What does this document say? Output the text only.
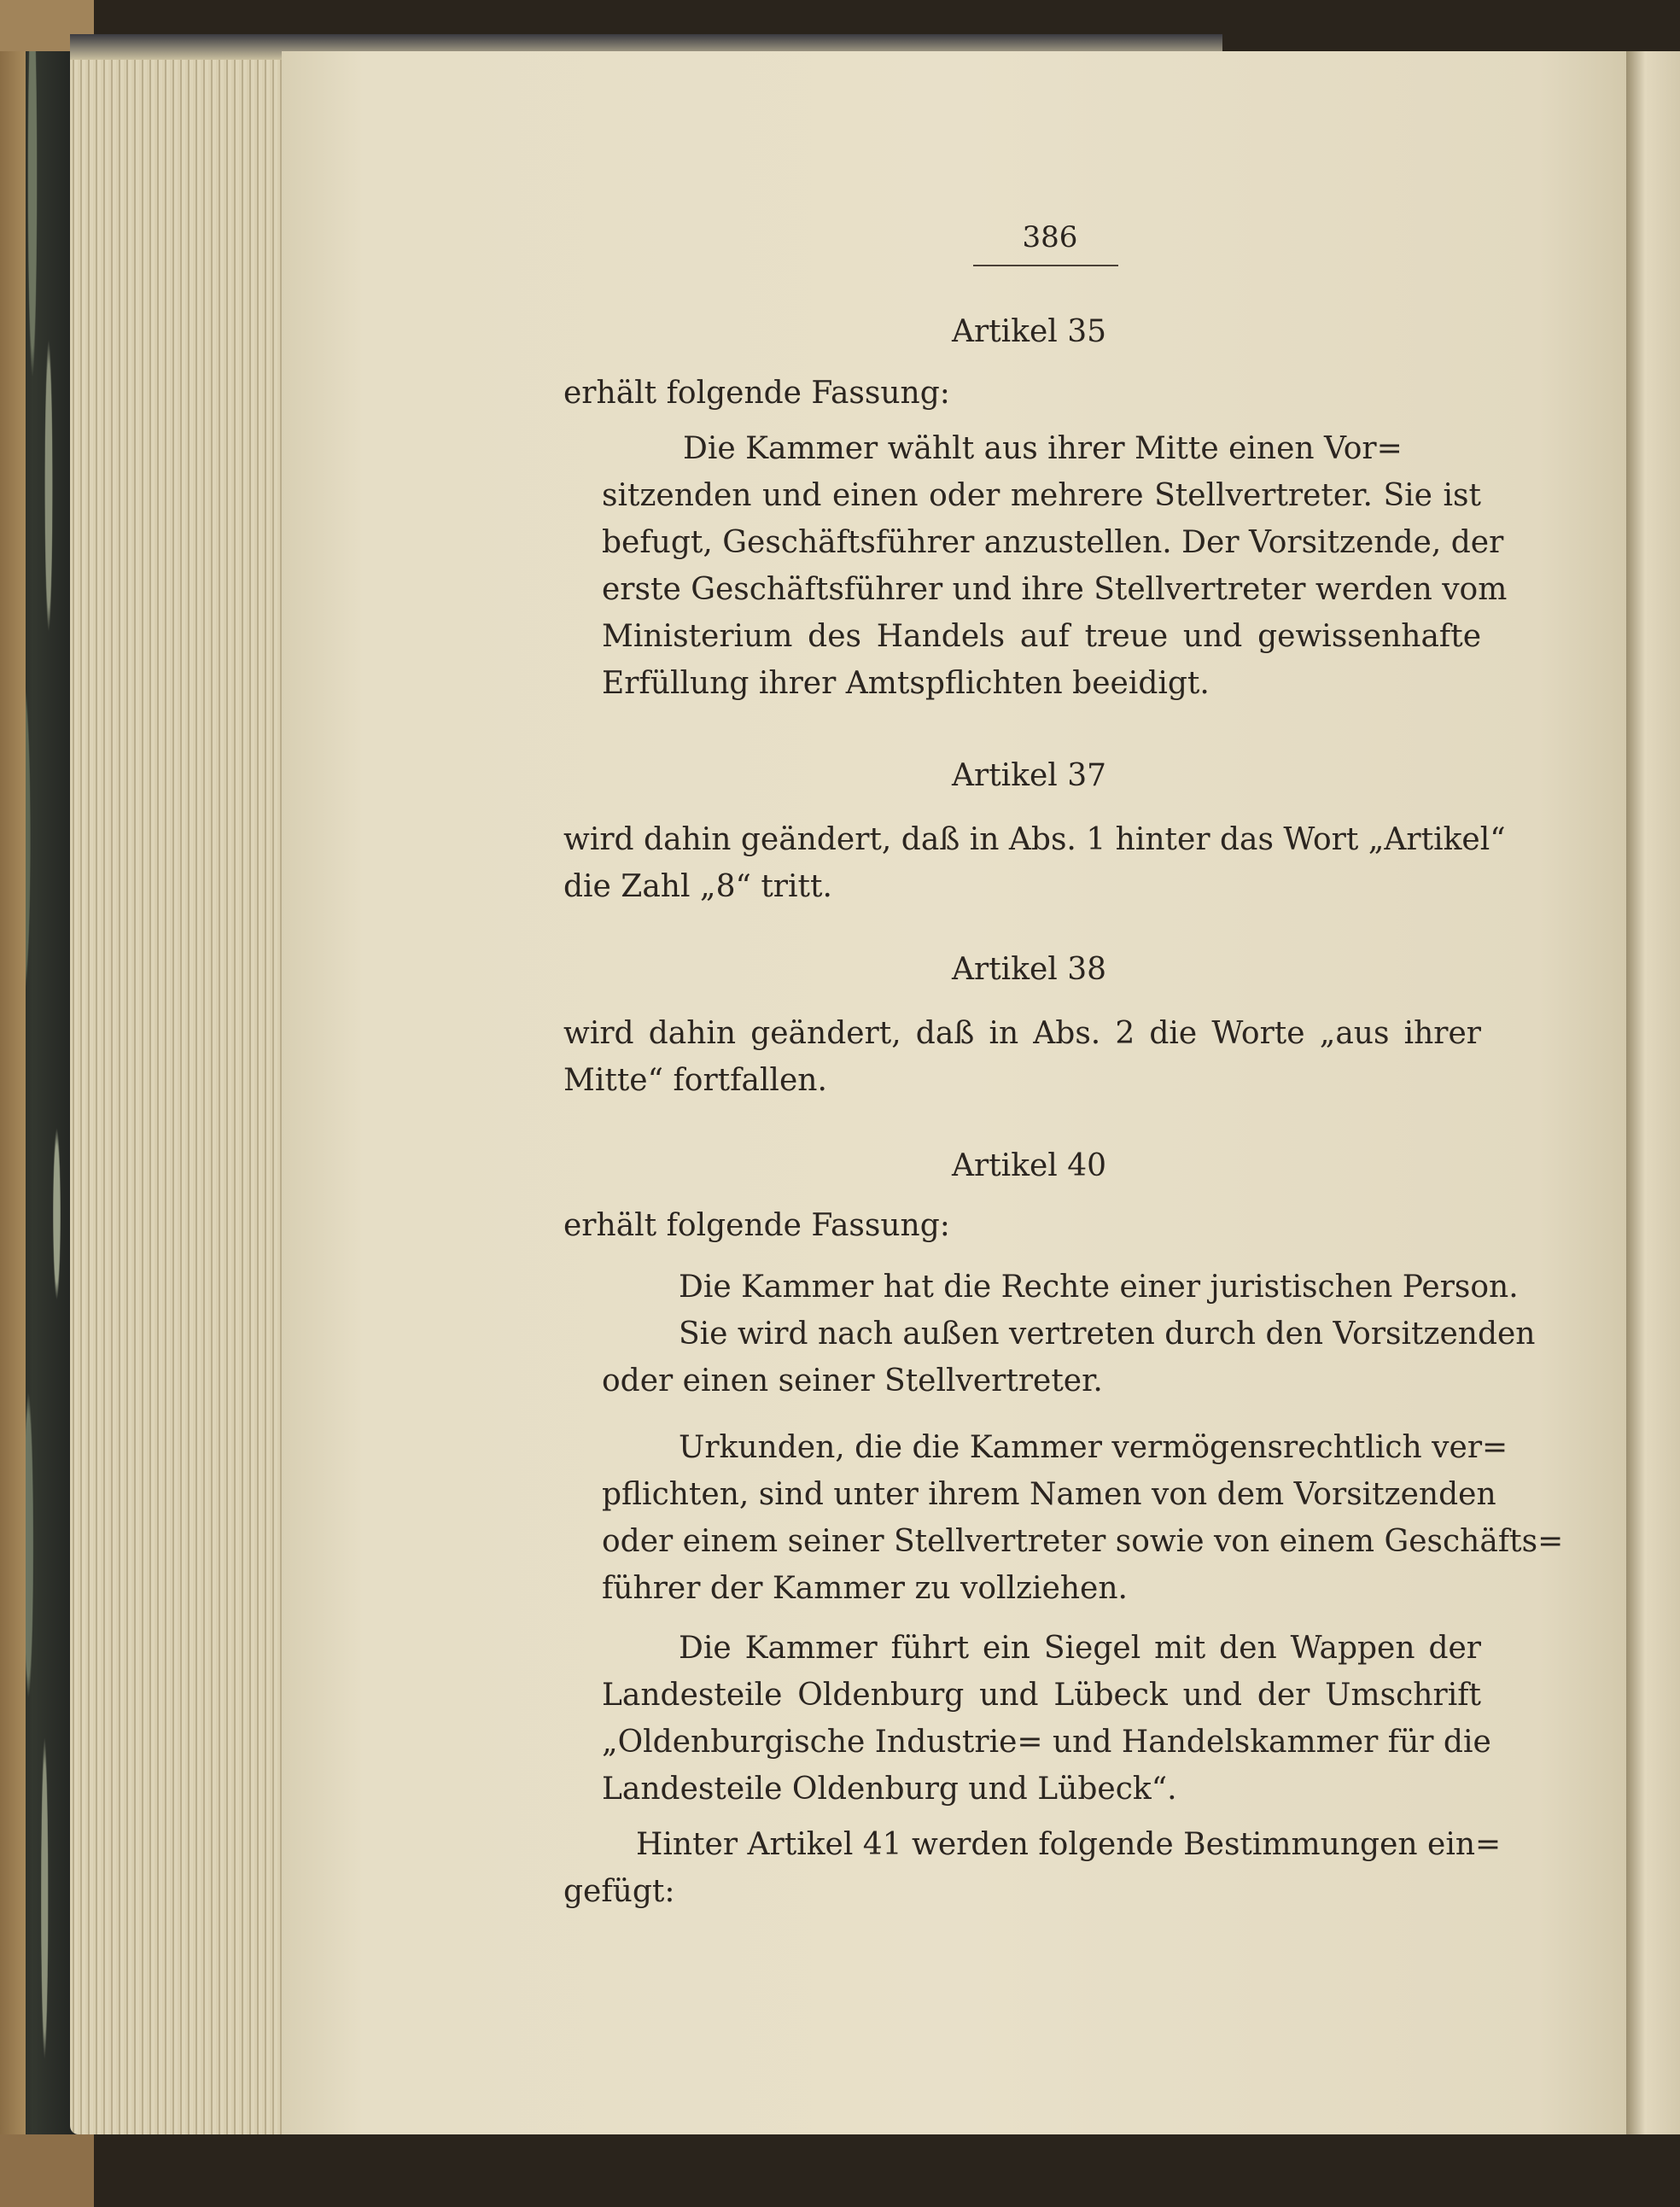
386
Artikel 35
erhält folgende Fassung:
Die Kammer wählt aus ihrer Mitte einen Vor=
sitzenden und einen oder mehrere Stellvertreter. Sie ist
befugt, Geschäftsführer anzustellen. Der Vorsitzende, der
erste Geschäftsführer und ihre Stellvertreter werden vom
Ministerium des Handels auf treue und gewissenhafte
Erfüllung ihrer Amtspflichten beeidigt.
Artikel 37
wird dahin geändert, daß in Abs. 1 hinter das Wort „Artikel“
die Zahl „8“ tritt.
Artikel 38
wird dahin geändert, daß in Abs. 2 die Worte „aus ihrer
Mitte“ fortfallen.
Artikel 40
erhält folgende Fassung:
Die Kammer hat die Rechte einer juristischen Person.
Sie wird nach außen vertreten durch den Vorsitzenden
oder einen seiner Stellvertreter.
Urkunden, die die Kammer vermögensrechtlich ver=
pflichten, sind unter ihrem Namen von dem Vorsitzenden
oder einem seiner Stellvertreter sowie von einem Geschäfts=
führer der Kammer zu vollziehen.
Die Kammer führt ein Siegel mit den Wappen der
Landesteile Oldenburg und Lübeck und der Umschrift
„Oldenburgische Industrie= und Handelskammer für die
Landesteile Oldenburg und Lübeck“.
Hinter Artikel 41 werden folgende Bestimmungen ein=
gefügt:
